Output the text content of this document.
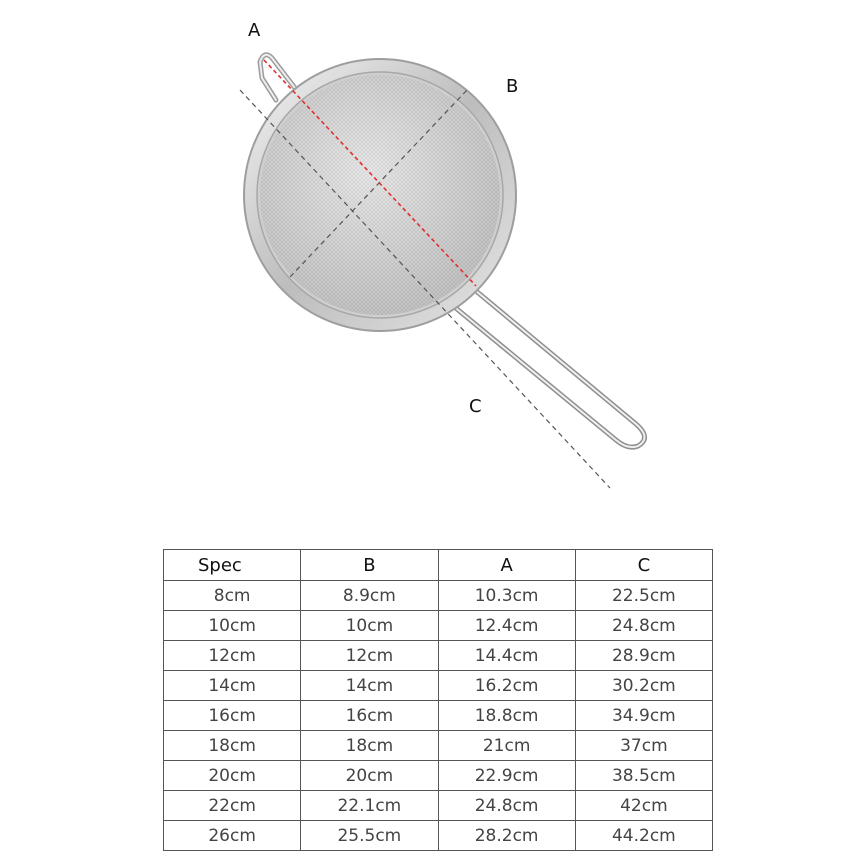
A
B
C
Spec	B	A	C
8cm	8.9cm	10.3cm	22.5cm
10cm	10cm	12.4cm	24.8cm
12cm	12cm	14.4cm	28.9cm
14cm	14cm	16.2cm	30.2cm
16cm	16cm	18.8cm	34.9cm
18cm	18cm	21cm	37cm
20cm	20cm	22.9cm	38.5cm
22cm	22.1cm	24.8cm	42cm
26cm	25.5cm	28.2cm	44.2cm
